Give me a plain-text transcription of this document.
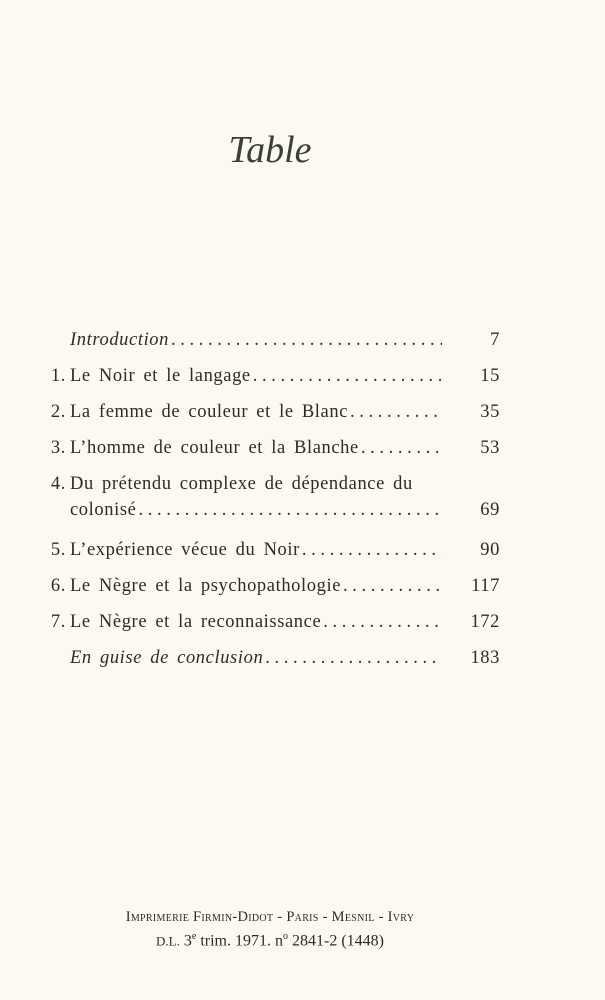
Table
Introduction . . .	7
1. Le Noir et le langage . . .	15
2. La femme de couleur et le Blanc . . .	35
3. L’homme de couleur et la Blanche . . .	53
4. Du prétendu complexe de dépendance du
colonisé . . .	69
5. L’expérience vécue du Noir . . .	90
6. Le Nègre et la psychopathologie . . .	117
7. Le Nègre et la reconnaissance . . .	172
En guise de conclusion . . .	183
Imprimerie Firmin-Didot - Paris - Mesnil - Ivry
D.L. 3e trim. 1971. $n^o$ 2841-2 (1448)
